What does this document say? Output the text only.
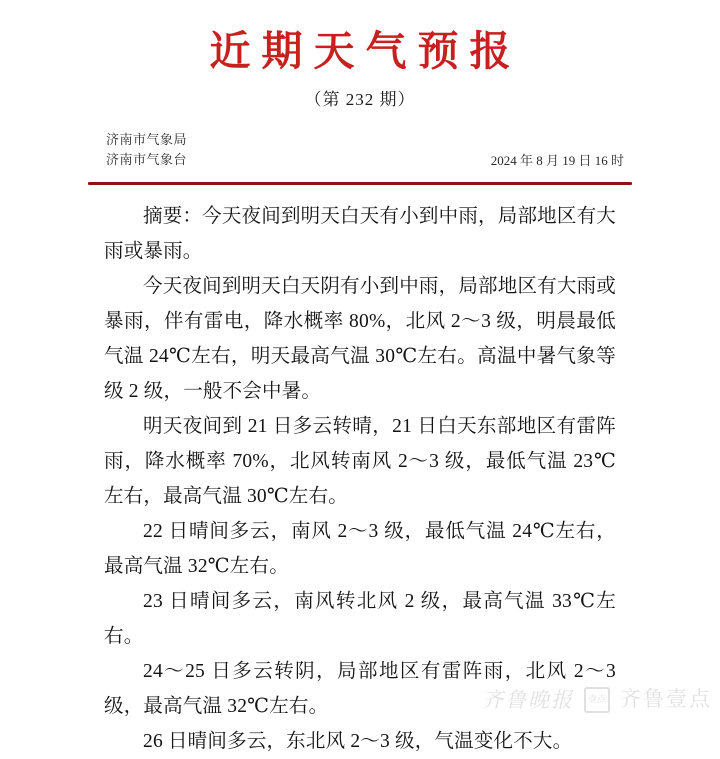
近期天气预报
（第 232 期）
济南市气象局
济南市气象台	2024 年 8 月 19 日 16 时

摘要：今天夜间到明天白天有小到中雨，局部地区有大雨或暴雨。

今天夜间到明天白天阴有小到中雨，局部地区有大雨或暴雨，伴有雷电，降水概率 80%，北风 2～3 级，明晨最低气温 24℃左右，明天最高气温 30℃左右。高温中暑气象等级 2 级，一般不会中暑。

明天夜间到 21 日多云转晴，21 日白天东部地区有雷阵雨，降水概率 70%，北风转南风 2～3 级，最低气温 23℃左右，最高气温 30℃左右。

22 日晴间多云，南风 2～3 级，最低气温 24℃左右，最高气温 32℃左右。

23 日晴间多云，南风转北风 2 级，最高气温 33℃左右。

24～25 日多云转阴，局部地区有雷阵雨，北风 2～3 级，最高气温 32℃左右。

26 日晴间多云，东北风 2～3 级，气温变化不大。

齐鲁晚报	壹点 齐鲁壹点
